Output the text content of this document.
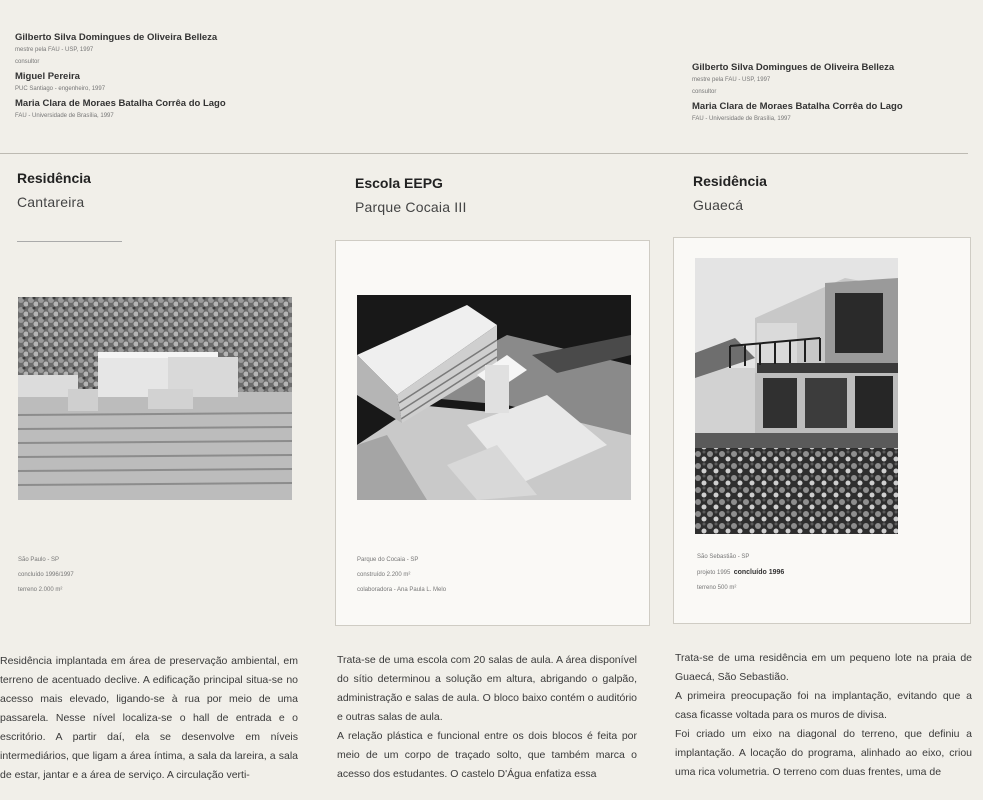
Gilberto Silva Domingues de Oliveira Belleza
mestre pela FAU - USP, 1997
consultor
Miguel Pereira
PUC Santiago - engenheiro, 1997
Maria Clara de Moraes Batalha Corrêa do Lago
FAU - Universidade de Brasília, 1997
Gilberto Silva Domingues de Oliveira Belleza
mestre pela FAU - USP, 1997
consultor
Maria Clara de Moraes Batalha Corrêa do Lago
FAU - Universidade de Brasília, 1997
Residência
Cantareira
São Paulo - SP
concluído 1996/1997
terreno 2.000 m²

Residência implantada em área de preservação ambiental, em terreno de acentuado declive. A edificação principal situa-se no acesso mais elevado, ligando-se à rua por meio de uma passarela. Nesse nível localiza-se o hall de entrada e o escritório. A partir daí, ela se desenvolve em níveis intermediários, que ligam a área íntima, a sala da lareira, a sala de estar, jantar e a área de serviço. A circulação verti-

Escola EEPG
Parque Cocaia III
Parque do Cocaia - SP
construído 2.200 m²
colaboradora - Ana Paula L. Melo

Trata-se de uma escola com 20 salas de aula. A área disponível do sítio determinou a solução em altura, abrigando o galpão, administração e salas de aula. O bloco baixo contém o auditório e outras salas de aula.

A relação plástica e funcional entre os dois blocos é feita por meio de um corpo de traçado solto, que também marca o acesso dos estudantes. O castelo D'Água enfatiza essa

Residência
Guaecá
São Sebastião - SP
projeto 1995 concluído 1996
terreno 500 m²

Trata-se de uma residência em um pequeno lote na praia de Guaecá, São Sebastião.

A primeira preocupação foi na implantação, evitando que a casa ficasse voltada para os muros de divisa.

Foi criado um eixo na diagonal do terreno, que definiu a implantação. A locação do programa, alinhado ao eixo, criou uma rica volumetria. O terreno com duas frentes, uma de
